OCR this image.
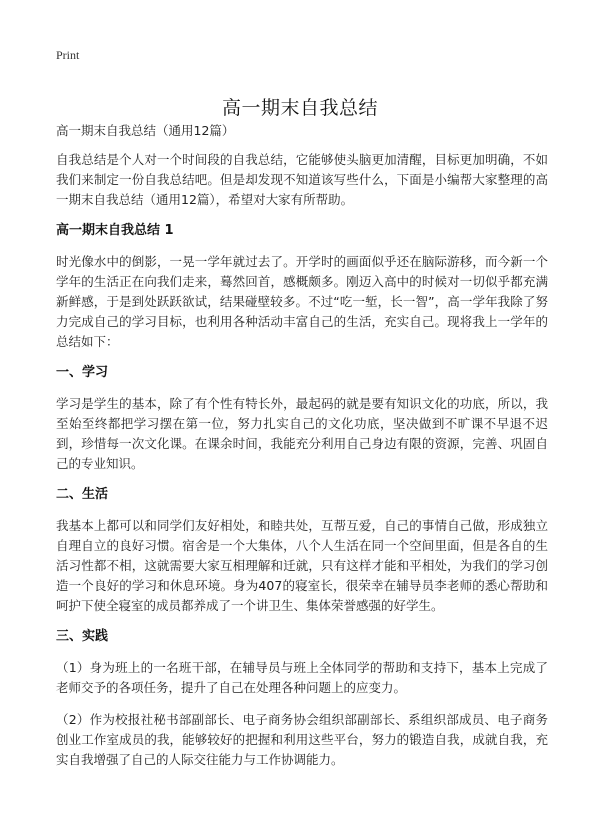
Print
高一期末自我总结

高一期末自我总结（通用12篇）

自我总结是个人对一个时间段的自我总结，它能够使头脑更加清醒，目标更加明确，不如我们来制定一份自我总结吧。但是却发现不知道该写些什么，下面是小编帮大家整理的高一期末自我总结（通用12篇），希望对大家有所帮助。

高一期末自我总结 1

时光像水中的倒影，一晃一学年就过去了。开学时的画面似乎还在脑际游移，而今新一个学年的生活正在向我们走来，蓦然回首，感概颇多。刚迈入高中的时候对一切似乎都充满新鲜感，于是到处跃跃欲试，结果碰壁较多。不过“吃一堑，长一智”，高一学年我除了努力完成自己的学习目标，也利用各种活动丰富自己的生活，充实自己。现将我上一学年的总结如下：

一、学习

学习是学生的基本，除了有个性有特长外，最起码的就是要有知识文化的功底，所以，我至始至终都把学习摆在第一位，努力扎实自己的文化功底，坚决做到不旷课不早退不迟到，珍惜每一次文化课。在课余时间，我能充分利用自己身边有限的资源，完善、巩固自己的专业知识。

二、生活

我基本上都可以和同学们友好相处，和睦共处，互帮互爱，自己的事情自己做，形成独立自理自立的良好习惯。宿舍是一个大集体，八个人生活在同一个空间里面，但是各自的生活习性都不相，这就需要大家互相理解和迁就，只有这样才能和平相处，为我们的学习创造一个良好的学习和休息环境。身为407的寝室长，很荣幸在辅导员李老师的悉心帮助和呵护下使全寝室的成员都养成了一个讲卫生、集体荣誉感强的好学生。

三、实践

（1）身为班上的一名班干部，在辅导员与班上全体同学的帮助和支持下，基本上完成了老师交予的各项任务，提升了自己在处理各种问题上的应变力。

（2）作为校报社秘书部副部长、电子商务协会组织部副部长、系组织部成员、电子商务创业工作室成员的我，能够较好的把握和利用这些平台，努力的锻造自我，成就自我，充实自我增强了自己的人际交往能力与工作协调能力。
